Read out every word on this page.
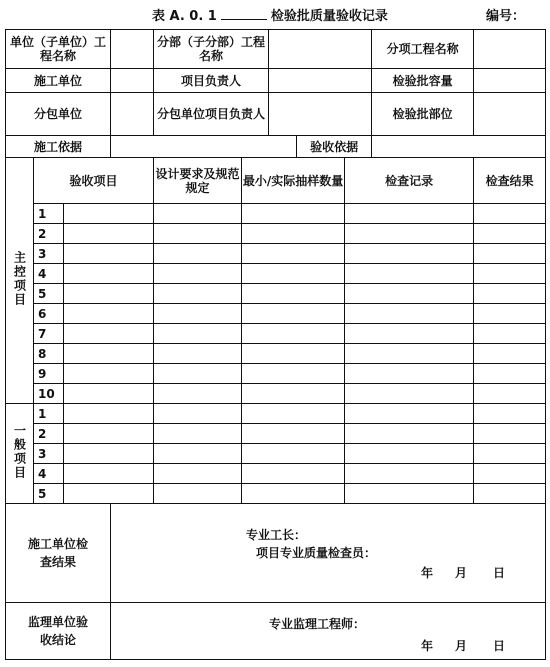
表 A. 0. 1	检验批质量验收记录	编号：
单位（子单位）工程名称				分部（子分部）工程名称					分项工程名称	
施工单位				项目负责人					检验批容量	
分包单位				分包单位项目负责人					检验批部位	
施工依据							验收依据			
主控项目	验收项目			设计要求及规范规定	最小/实际抽样数量			检查记录		检查结果
	1									
	2									
	3									
	4									
	5									
	6									
	7									
	8									
	9									
	10									
一般项目	1									
	2									
	3									
	4									
	5									

施工单位检查结果			专业工长：
项目专业质量检查员：
年 月 日							

监理单位验收结论			专业监理工程师：
年 月 日							
